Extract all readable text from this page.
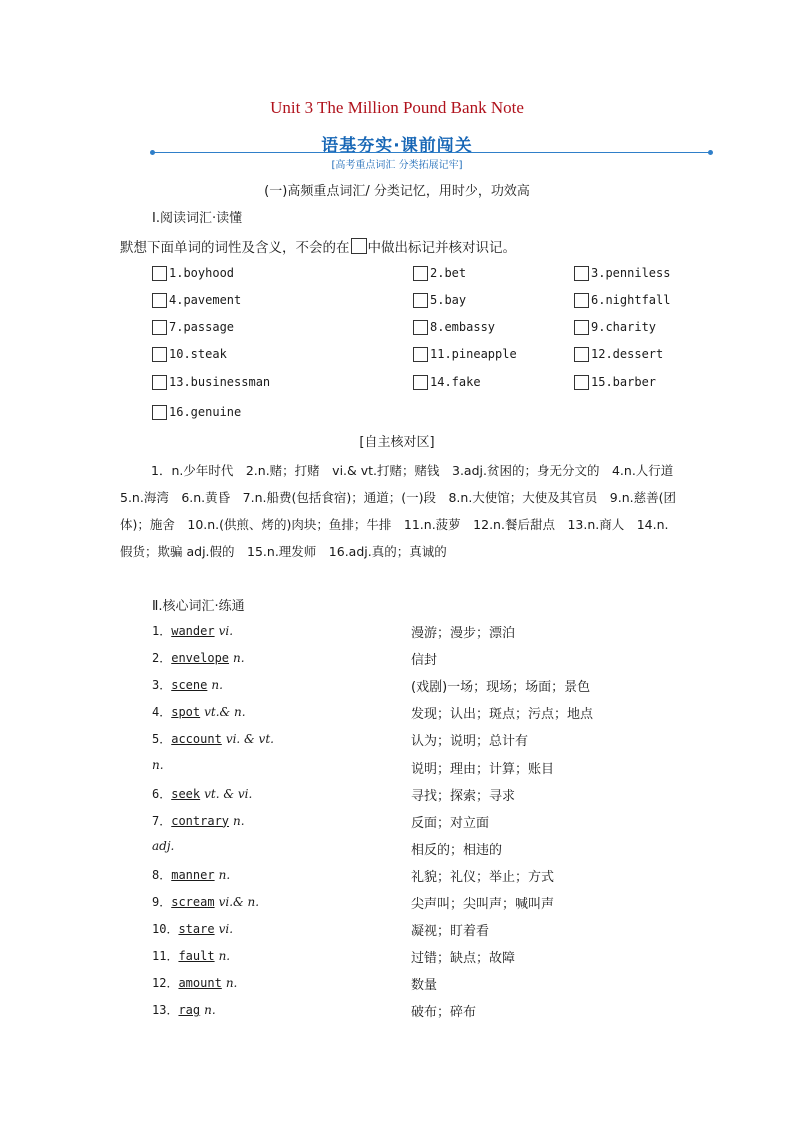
Unit 3 The Million Pound Bank Note
语基夯实·课前闯关
[高考重点词汇 分类拓展记牢]
(一)高频重点词汇/ 分类记忆，用时少，功效高
Ⅰ.阅读词汇·读懂
默想下面单词的词性及含义，不会的在 中做出标记并核对识记。
1.boyhood	2.bet	3.penniless
4.pavement	5.bay	6.nightfall
7.passage	8.embassy	9.charity
10.steak	11.pineapple	12.dessert
13.businessman	14.fake	15.barber
16.genuine
[自主核对区]
1．n.少年时代　2.n.赌；打赌　vi.& vt.打赌；赌钱　3.adj.贫困的；身无分文的　4.n.人行道　5.n.海湾　6.n.黄昏　7.n.船费(包括食宿)；通道；(一)段　8.n.大使馆；大使及其官员　9.n.慈善(团体)；施舍　10.n.(供煎、烤的)肉块；鱼排；牛排　11.n.菠萝　12.n.餐后甜点　13.n.商人　14.n.假货；欺骗 adj.假的　15.n.理发师　16.adj.真的；真诚的
Ⅱ.核心词汇·练通
1．wander vi.	漫游；漫步；漂泊
2．envelope n.	信封
3．scene n.	(戏剧)一场；现场；场面；景色
4．spot vt.& n.	发现；认出；斑点；污点；地点
5．account vi. & vt.	认为；说明；总计有
n.	说明；理由；计算；账目
6．seek vt. & vi.	寻找；探索；寻求
7．contrary n.	反面；对立面
adj.	相反的；相违的
8．manner n.	礼貌；礼仪；举止；方式
9．scream vi.& n.	尖声叫；尖叫声；喊叫声
10．stare vi.	凝视；盯着看
11．fault n.	过错；缺点；故障
12．amount n.	数量
13．rag n.	破布；碎布
